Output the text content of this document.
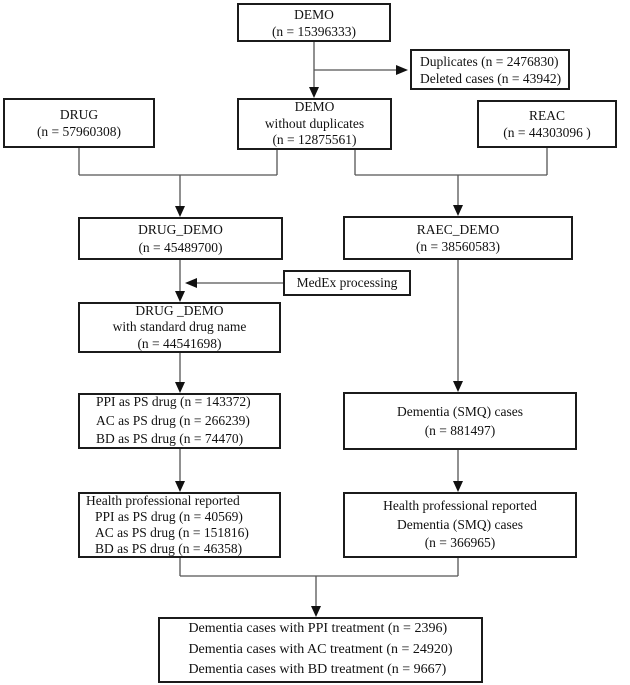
DEMO
(n = 15396333)
Duplicates (n = 2476830)
Deleted cases (n = 43942)
DRUG
(n = 57960308)
DEMO
without duplicates
(n = 12875561)
REAC
(n = 44303096 )
DRUG_DEMO
(n = 45489700)
RAEC_DEMO
(n = 38560583)
MedEx processing
DRUG _DEMO
with standard drug name
(n = 44541698)
PPI as PS drug (n = 143372)
AC as PS drug (n = 266239)
BD as PS drug (n = 74470)
Dementia (SMQ) cases
(n = 881497)
Health professional reported
PPI as PS drug (n = 40569)
AC as PS drug (n = 151816)
BD as PS drug (n = 46358)
Health professional reported
Dementia (SMQ) cases
(n = 366965)
Dementia cases with PPI treatment (n = 2396)
Dementia cases with AC treatment (n = 24920)
Dementia cases with BD treatment (n = 9667)
